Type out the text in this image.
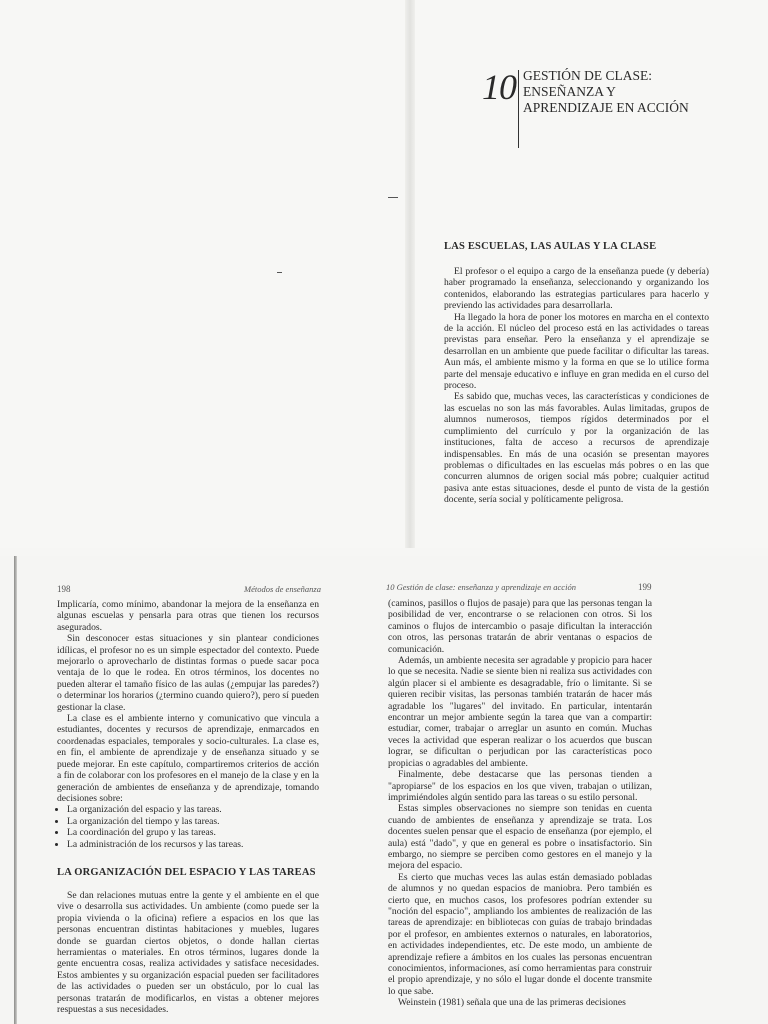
10 GESTIÓN DE CLASE: ENSEÑANZA Y APRENDIZAJE EN ACCIÓN
LAS ESCUELAS, LAS AULAS Y LA CLASE

El profesor o el equipo a cargo de la enseñanza puede (y debería) haber programado la enseñanza, seleccionando y organizando los contenidos, elaborando las estrategias particulares para hacerlo y previendo las actividades para desarrollarla.

Ha llegado la hora de poner los motores en marcha en el contexto de la acción. El núcleo del proceso está en las actividades o tareas previstas para enseñar. Pero la enseñanza y el aprendizaje se desarrollan en un ambiente que puede facilitar o dificultar las tareas. Aun más, el ambiente mismo y la forma en que se lo utilice forma parte del mensaje educativo e influye en gran medida en el curso del proceso.

Es sabido que, muchas veces, las características y condiciones de las escuelas no son las más favorables. Aulas limitadas, grupos de alumnos numerosos, tiempos rígidos determinados por el cumplimiento del currículo y por la organización de las instituciones, falta de acceso a recursos de aprendizaje indispensables. En más de una ocasión se presentan mayores problemas o dificultades en las escuelas más pobres o en las que concurren alumnos de origen social más pobre; cualquier actitud pasiva ante estas situaciones, desde el punto de vista de la gestión docente, sería social y políticamente peligrosa.

198	Métodos de enseñanza	10 Gestión de clase: enseñanza y aprendizaje en acción	199

Implicaría, como mínimo, abandonar la mejora de la enseñanza en algunas escuelas y pensarla para otras que tienen los recursos asegurados.

Sin desconocer estas situaciones y sin plantear condiciones idílicas, el profesor no es un simple espectador del contexto. Puede mejorarlo o aprovecharlo de distintas formas o puede sacar poca ventaja de lo que le rodea. En otros términos, los docentes no pueden alterar el tamaño físico de las aulas (¿empujar las paredes?) o determinar los horarios (¿termino cuando quiero?), pero sí pueden gestionar la clase.

La clase es el ambiente interno y comunicativo que vincula a estudiantes, docentes y recursos de aprendizaje, enmarcados en coordenadas espaciales, temporales y socio-culturales. La clase es, en fin, el ambiente de aprendizaje y de enseñanza situado y se puede mejorar. En este capítulo, compartiremos criterios de acción a fin de colaborar con los profesores en el manejo de la clase y en la generación de ambientes de enseñanza y de aprendizaje, tomando decisiones sobre:

• La organización del espacio y las tareas.
• La organización del tiempo y las tareas.
• La coordinación del grupo y las tareas.
• La administración de los recursos y las tareas.
LA ORGANIZACIÓN DEL ESPACIO Y LAS TAREAS

Se dan relaciones mutuas entre la gente y el ambiente en el que vive o desarrolla sus actividades. Un ambiente (como puede ser la propia vivienda o la oficina) refiere a espacios en los que las personas encuentran distintas habitaciones y muebles, lugares donde se guardan ciertos objetos, o donde hallan ciertas herramientas o materiales. En otros términos, lugares donde la gente encuentra cosas, realiza actividades y satisface necesidades. Estos ambientes y su organización espacial pueden ser facilitadores de las actividades o pueden ser un obstáculo, por lo cual las personas tratarán de modificarlos, en vistas a obtener mejores respuestas a sus necesidades.

(caminos, pasillos o flujos de pasaje) para que las personas tengan la posibilidad de ver, encontrarse o se relacionen con otros. Si los caminos o flujos de intercambio o pasaje dificultan la interacción con otros, las personas tratarán de abrir ventanas o espacios de comunicación.

Además, un ambiente necesita ser agradable y propicio para hacer lo que se necesita. Nadie se siente bien ni realiza sus actividades con algún placer si el ambiente es desagradable, frío o limitante. Si se quieren recibir visitas, las personas también tratarán de hacer más agradable los "lugares" del invitado. En particular, intentarán encontrar un mejor ambiente según la tarea que van a compartir: estudiar, comer, trabajar o arreglar un asunto en común. Muchas veces la actividad que esperan realizar o los acuerdos que buscan lograr, se dificultan o perjudican por las características poco propicias o agradables del ambiente.

Finalmente, debe destacarse que las personas tienden a "apropiarse" de los espacios en los que viven, trabajan o utilizan, imprimiéndoles algún sentido para las tareas o su estilo personal.

Estas simples observaciones no siempre son tenidas en cuenta cuando de ambientes de enseñanza y aprendizaje se trata. Los docentes suelen pensar que el espacio de enseñanza (por ejemplo, el aula) está "dado", y que en general es pobre o insatisfactorio. Sin embargo, no siempre se perciben como gestores en el manejo y la mejora del espacio.

Es cierto que muchas veces las aulas están demasiado pobladas de alumnos y no quedan espacios de maniobra. Pero también es cierto que, en muchos casos, los profesores podrían extender su "noción del espacio", ampliando los ambientes de realización de las tareas de aprendizaje: en bibliotecas con guías de trabajo brindadas por el profesor, en ambientes externos o naturales, en laboratorios, en actividades independientes, etc. De este modo, un ambiente de aprendizaje refiere a ámbitos en los cuales las personas encuentran conocimientos, informaciones, así como herramientas para construir el propio aprendizaje, y no sólo el lugar donde el docente transmite lo que sabe.

Weinstein (1981) señala que una de las primeras decisiones
